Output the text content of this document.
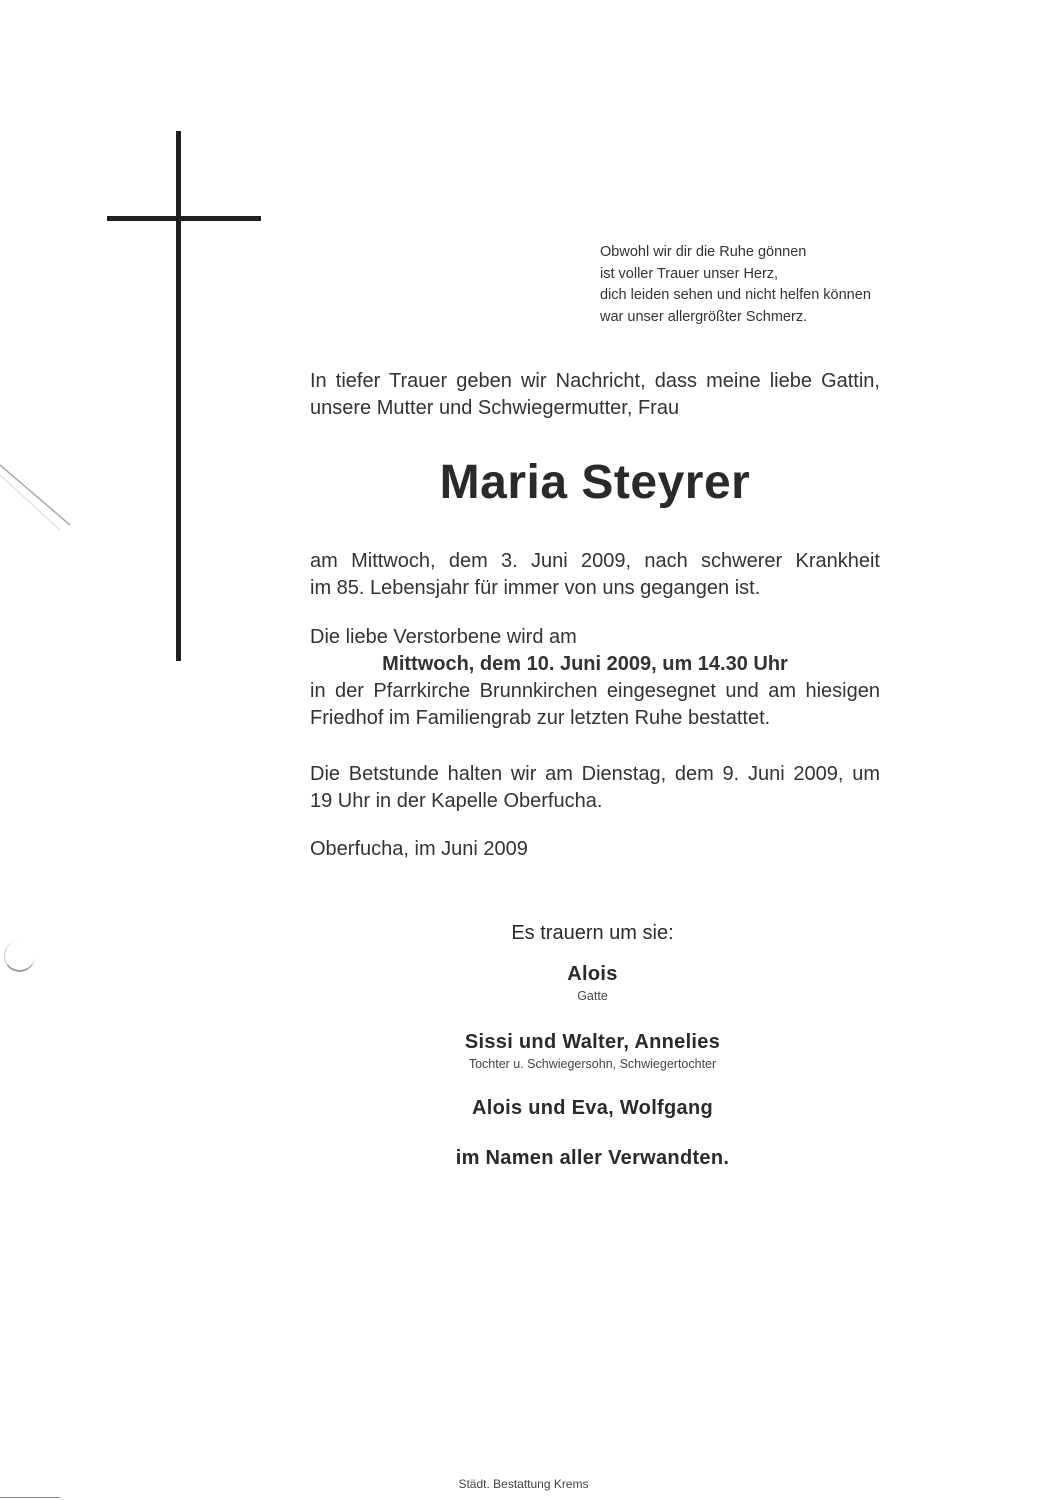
Obwohl wir dir die Ruhe gönnen
ist voller Trauer unser Herz,
dich leiden sehen und nicht helfen können
war unser allergrößter Schmerz.
In tiefer Trauer geben wir Nachricht, dass meine liebe Gattin,
unsere Mutter und Schwiegermutter, Frau
Maria Steyrer
am Mittwoch, dem 3. Juni 2009, nach schwerer Krankheit
im 85. Lebensjahr für immer von uns gegangen ist.
Die liebe Verstorbene wird am
Mittwoch, dem 10. Juni 2009, um 14.30 Uhr
in der Pfarrkirche Brunnkirchen eingesegnet und am hiesigen
Friedhof im Familiengrab zur letzten Ruhe bestattet.
Die Betstunde halten wir am Dienstag, dem 9. Juni 2009, um
19 Uhr in der Kapelle Oberfucha.
Oberfucha, im Juni 2009
Es trauern um sie:
Alois
Gatte
Sissi und Walter, Annelies
Tochter u. Schwiegersohn, Schwiegertochter
Alois und Eva, Wolfgang
im Namen aller Verwandten.
Städt. Bestattung Krems
